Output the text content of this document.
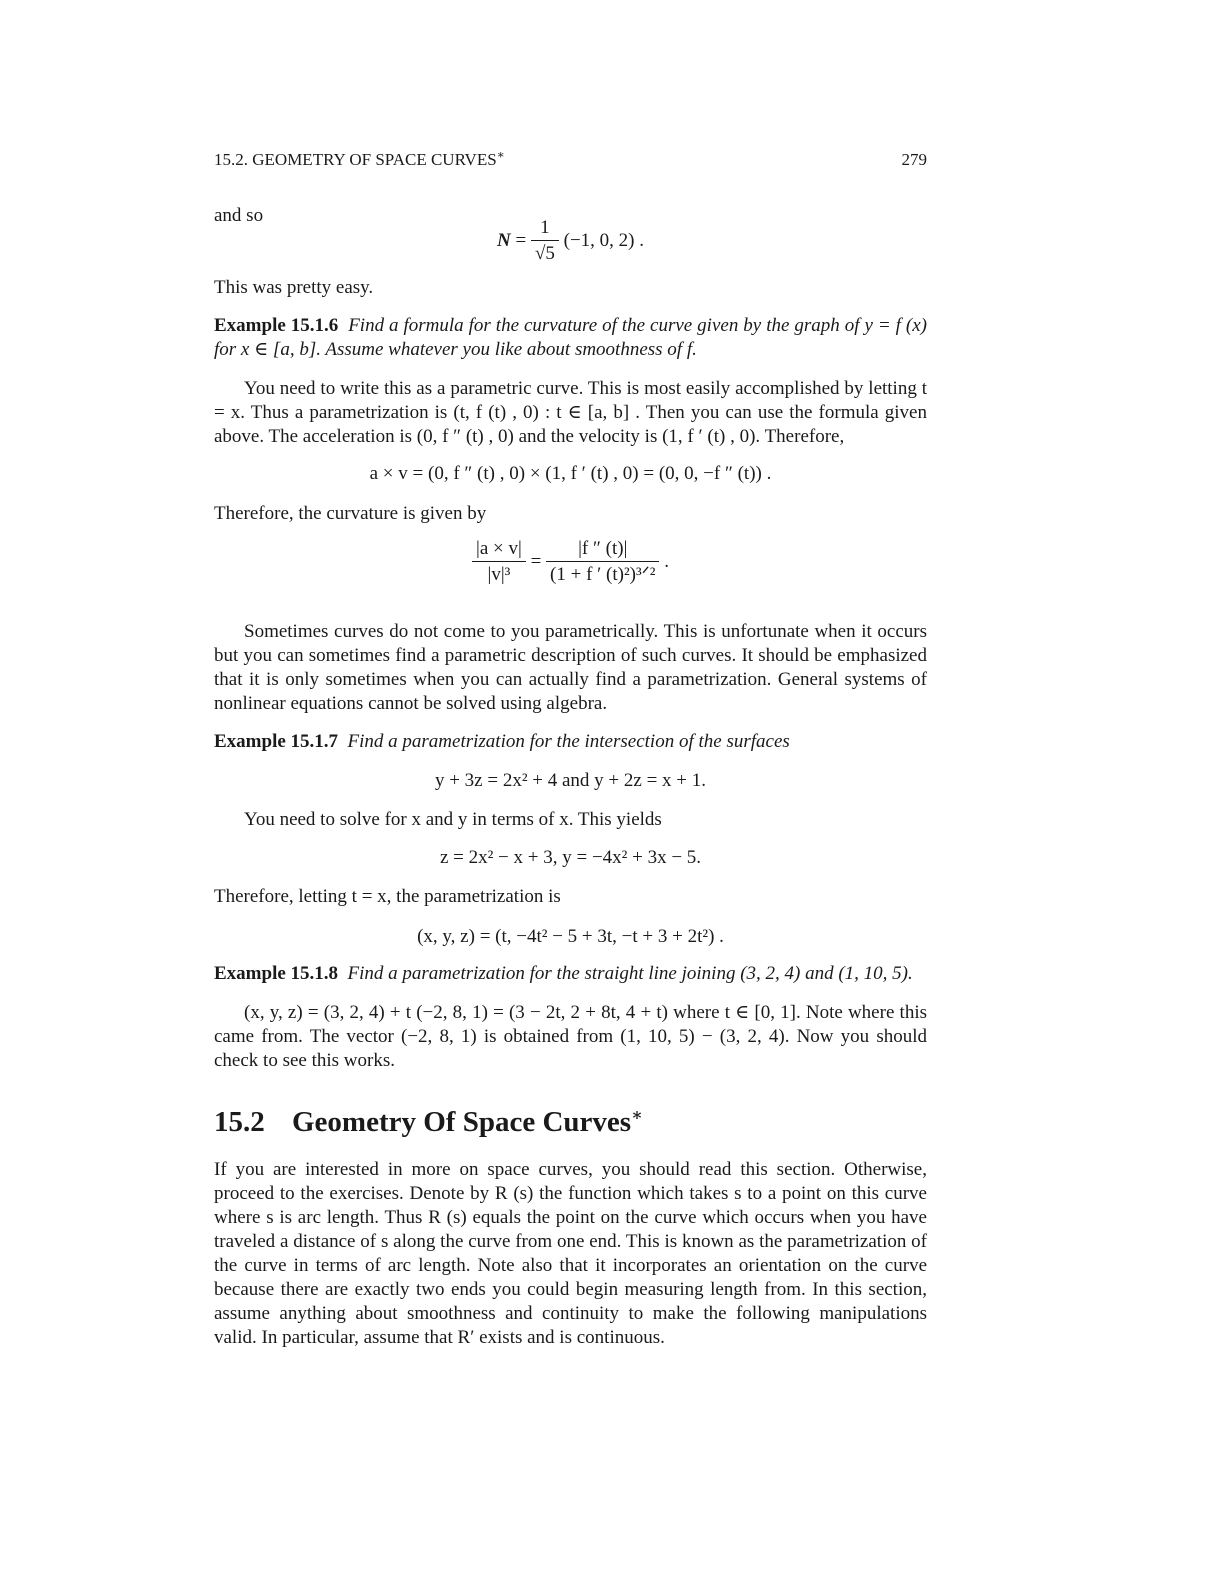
15.2. GEOMETRY OF SPACE CURVES∗	279
and so
$N = \frac{1}{√5} (-1$, 0, 2) .
This was pretty easy.

Example 15.1.6 Find a formula for the curvature of the curve given by the graph of y = f (x) for x ∈ [a, b]. Assume whatever you like about smoothness of f.

You need to write this as a parametric curve. This is most easily accomplished by letting t = x. Thus a parametrization is (t, f (t) , 0) : t ∈ [a, b] . Then you can use the formula given above. The acceleration is (0, f ″ (t) , 0) and the velocity is (1, f ′ (t) , 0). Therefore,

a × v = (0, f ″ (t) , 0) × (1, f ′ (t) , 0) = (0, 0, −f ″ (t)) .
Therefore, the curvature is given by
$\frac{|a \times v|}{\text{|v|³}} = \frac{|f '' (t)|}{\text{(1 + f ′ (t)²)³ᐟ²}}$ .

Sometimes curves do not come to you parametrically. This is unfortunate when it occurs but you can sometimes find a parametric description of such curves. It should be emphasized that it is only sometimes when you can actually find a parametrization. General systems of nonlinear equations cannot be solved using algebra.

Example 15.1.7 Find a parametrization for the intersection of the surfaces

y + 3z = 2x² + 4 and y + 2z = x + 1.
You need to solve for x and y in terms of x. This yields
z = 2x² − x + 3, y = −4x² + 3x − 5.
Therefore, letting t = x, the parametrization is
(x, y, z) = (t, −4t² − 5 + 3t, −t + 3 + 2t²) .

Example 15.1.8 Find a parametrization for the straight line joining (3, 2, 4) and (1, 10, 5).

(x, y, z) = (3, 2, 4) + t (−2, 8, 1) = (3 − 2t, 2 + 8t, 4 + t) where t ∈ [0, 1]. Note where this came from. The vector (−2, 8, 1) is obtained from (1, 10, 5) − (3, 2, 4). Now you should check to see this works.

15.2 Geometry Of Space Curves∗

If you are interested in more on space curves, you should read this section. Otherwise, proceed to the exercises. Denote by R (s) the function which takes s to a point on this curve where s is arc length. Thus R (s) equals the point on the curve which occurs when you have traveled a distance of s along the curve from one end. This is known as the parametrization of the curve in terms of arc length. Note also that it incorporates an orientation on the curve because there are exactly two ends you could begin measuring length from. In this section, assume anything about smoothness and continuity to make the following manipulations valid. In particular, assume that R′ exists and is continuous.
